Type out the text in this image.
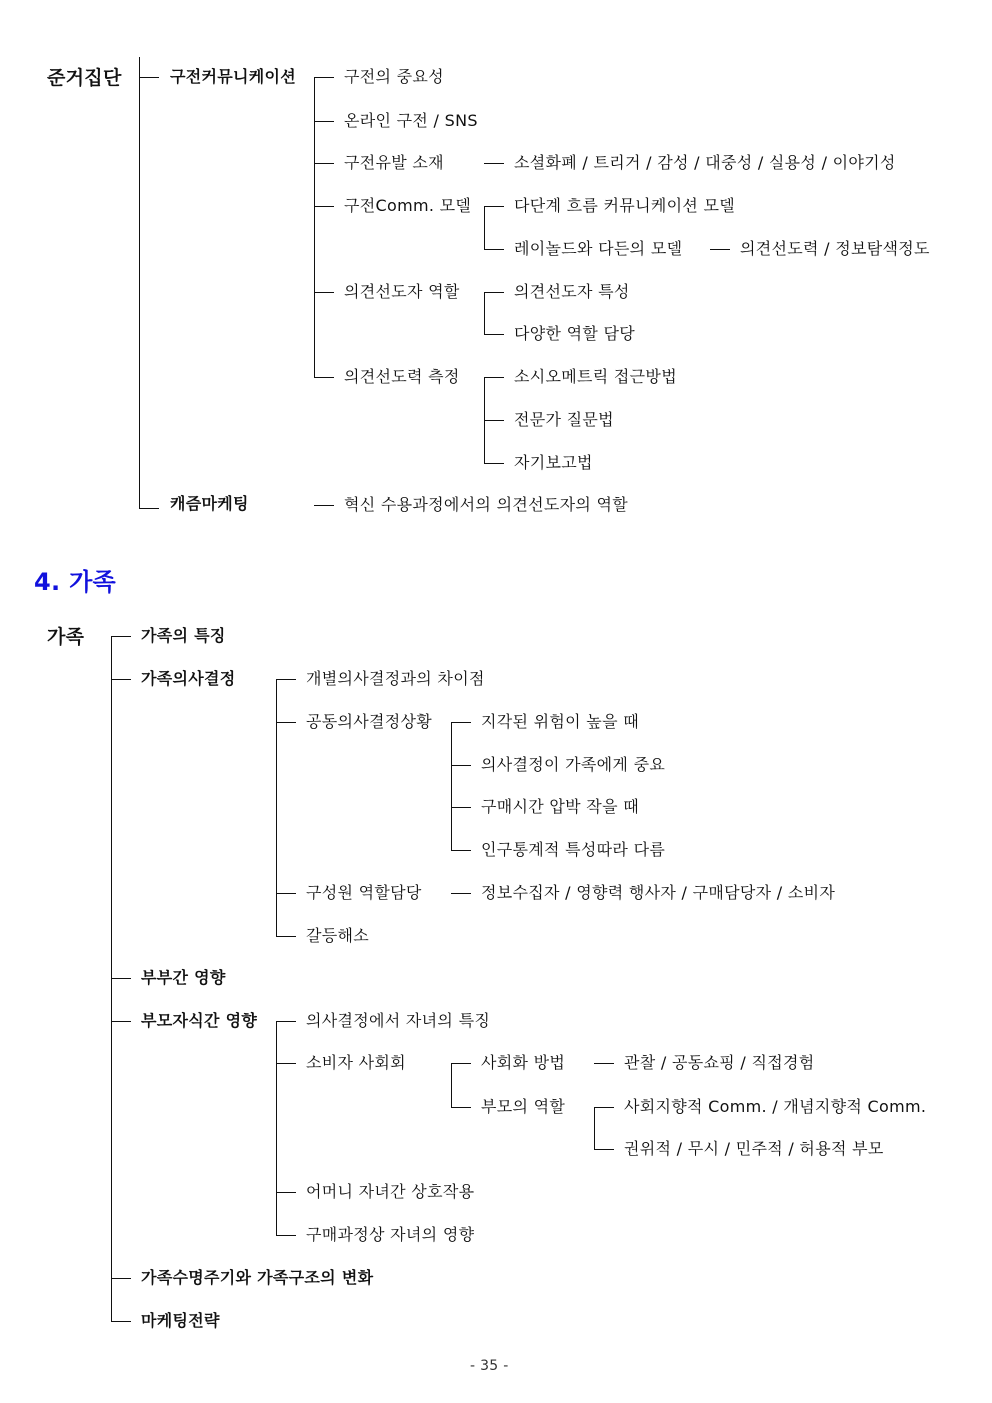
준거집단	구전커뮤니케이션
캐즘마케팅
구전의 중요성
온라인 구전 / SNS
구전유발 소재
구전Comm. 모델
의견선도자 역할
의견선도력 측정
혁신 수용과정에서의 의견선도자의 역할
소셜화폐 / 트리거 / 감성 / 대중성 / 실용성 / 이야기성
다단계 흐름 커뮤니케이션 모델
레이놀드와 다든의 모델	의견선도력 / 정보탐색정도
의견선도자 특성
다양한 역할 담당
소시오메트릭 접근방법
전문가 질문법
자기보고법
4. 가족
가족	가족의 특징
가족의사결정
부부간 영향
부모자식간 영향
가족수명주기와 가족구조의 변화
마케팅전략
개별의사결정과의 차이점
공동의사결정상황
구성원 역할담당
갈등해소
지각된 위험이 높을 때
의사결정이 가족에게 중요
구매시간 압박 작을 때
인구통계적 특성따라 다름
정보수집자 / 영향력 행사자 / 구매담당자 / 소비자
의사결정에서 자녀의 특징
소비자 사회회
어머니 자녀간 상호작용
구매과정상 자녀의 영향
사회화 방법
부모의 역할
관찰 / 공동쇼핑 / 직접경험
사회지향적 Comm. / 개념지향적 Comm.
권위적 / 무시 / 민주적 / 허용적 부모
- 35 -
